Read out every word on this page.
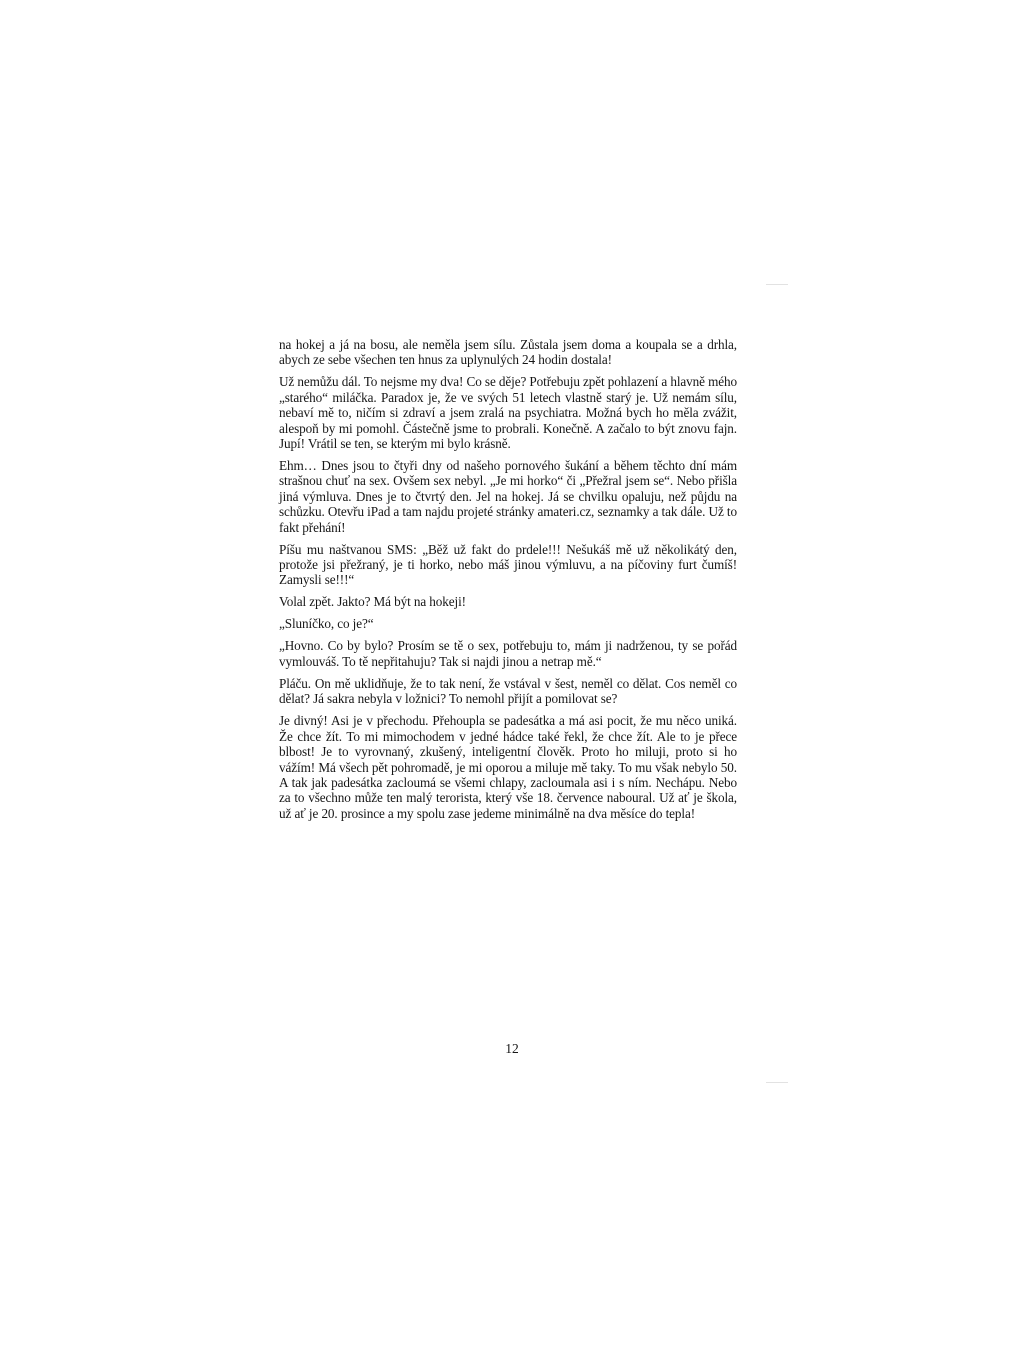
na hokej a já na bosu, ale neměla jsem sílu. Zůstala jsem doma a koupala se a drhla, abych ze sebe všechen ten hnus za uplynulých 24 hodin dostala!

Už nemůžu dál. To nejsme my dva! Co se děje? Potřebuju zpět pohlazení a hlavně mého „starého“ miláčka. Paradox je, že ve svých 51 letech vlastně starý je. Už nemám sílu, nebaví mě to, ničím si zdraví a jsem zralá na psychiatra. Možná bych ho měla zvážit, alespoň by mi pomohl. Částečně jsme to probrali. Konečně. A začalo to být znovu fajn. Jupí! Vrátil se ten, se kterým mi bylo krásně.

Ehm… Dnes jsou to čtyři dny od našeho pornového šukání a během těchto dní mám strašnou chuť na sex. Ovšem sex nebyl. „Je mi horko“ či „Přežral jsem se“. Nebo přišla jiná výmluva. Dnes je to čtvrtý den. Jel na hokej. Já se chvilku opaluju, než půjdu na schůzku. Otevřu iPad a tam najdu projeté stránky amateri.cz, seznamky a tak dále. Už to fakt přehání!

Píšu mu naštvanou SMS: „Běž už fakt do prdele!!! Nešukáš mě už několikátý den, protože jsi přežraný, je ti horko, nebo máš jinou výmluvu, a na píčoviny furt čumíš! Zamysli se!!!“

Volal zpět. Jakto? Má být na hokeji!

„Sluníčko, co je?“

„Hovno. Co by bylo? Prosím se tě o sex, potřebuju to, mám ji nadrženou, ty se pořád vymlouváš. To tě nepřitahuju? Tak si najdi jinou a netrap mě.“

Pláču. On mě uklidňuje, že to tak není, že vstával v šest, neměl co dělat. Cos neměl co dělat? Já sakra nebyla v ložnici? To nemohl přijít a pomilovat se?

Je divný! Asi je v přechodu. Přehoupla se padesátka a má asi pocit, že mu něco uniká. Že chce žít. To mi mimochodem v jedné hádce také řekl, že chce žít. Ale to je přece blbost! Je to vyrovnaný, zkušený, inteligentní člověk. Proto ho miluji, proto si ho vážím! Má všech pět pohromadě, je mi oporou a miluje mě taky. To mu však nebylo 50. A tak jak padesátka zacloumá se všemi chlapy, zacloumala asi i s ním. Nechápu. Nebo za to všechno může ten malý terorista, který vše 18. července naboural. Už ať je škola, už ať je 20. prosince a my spolu zase jedeme minimálně na dva měsíce do tepla!

12
